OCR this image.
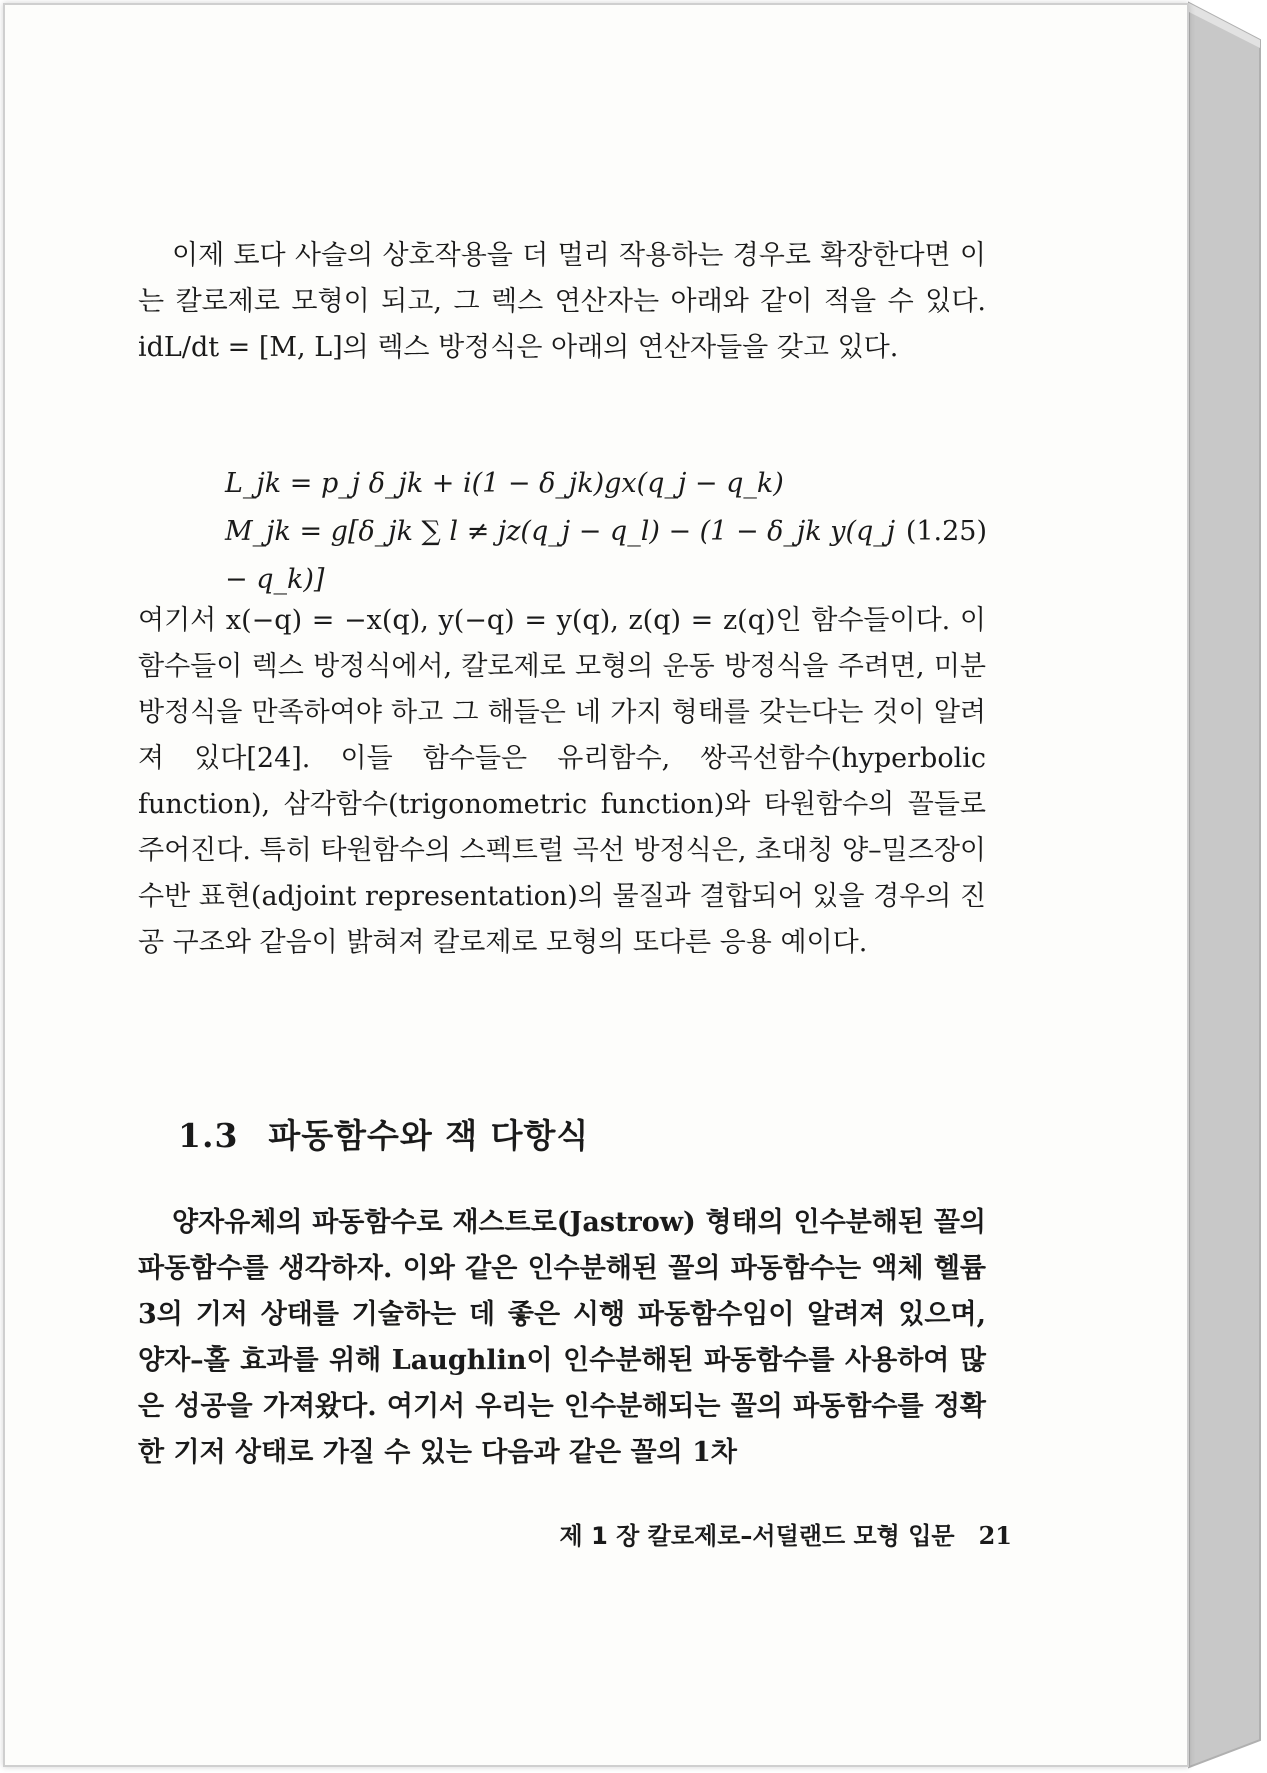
이제 토다 사슬의 상호작용을 더 멀리 작용하는 경우로 확장한다면 이는 칼로제로 모형이 되고, 그 렉스 연산자는 아래와 같이 적을 수 있다. idL/dt = [M, L]의 렉스 방정식은 아래의 연산자들을 갖고 있다.
L_jk = p_j δ_jk + i(1 − δ_jk)gx(q_j − q_k)
M_jk = g[δ_jk ∑ l ≠ jz(q_j − q_l) − (1 − δ_jk y(q_j − q_k)]
(1.25)
여기서 x(−q) = −x(q), y(−q) = y(q), z(q) = z(q)인 함수들이다. 이 함수들이 렉스 방정식에서, 칼로제로 모형의 운동 방정식을 주려면, 미분 방정식을 만족하여야 하고 그 해들은 네 가지 형태를 갖는다는 것이 알려져 있다[24]. 이들 함수들은 유리함수, 쌍곡선함수(hyperbolic function), 삼각함수(trigonometric function)와 타원함수의 꼴들로 주어진다. 특히 타원함수의 스펙트럴 곡선 방정식은, 초대칭 양–밀즈장이 수반 표현(adjoint representation)의 물질과 결합되어 있을 경우의 진공 구조와 같음이 밝혀져 칼로제로 모형의 또다른 응용 예이다.
1.3 파동함수와 잭 다항식
양자유체의 파동함수로 재스트로(Jastrow) 형태의 인수분해된 꼴의 파동함수를 생각하자. 이와 같은 인수분해된 꼴의 파동함수는 액체 헬륨 3의 기저 상태를 기술하는 데 좋은 시행 파동함수임이 알려져 있으며, 양자–홀 효과를 위해 Laughlin이 인수분해된 파동함수를 사용하여 많은 성공을 가져왔다. 여기서 우리는 인수분해되는 꼴의 파동함수를 정확한 기저 상태로 가질 수 있는 다음과 같은 꼴의 1차
제 1 장 칼로제로–서덜랜드 모형 입문 21
